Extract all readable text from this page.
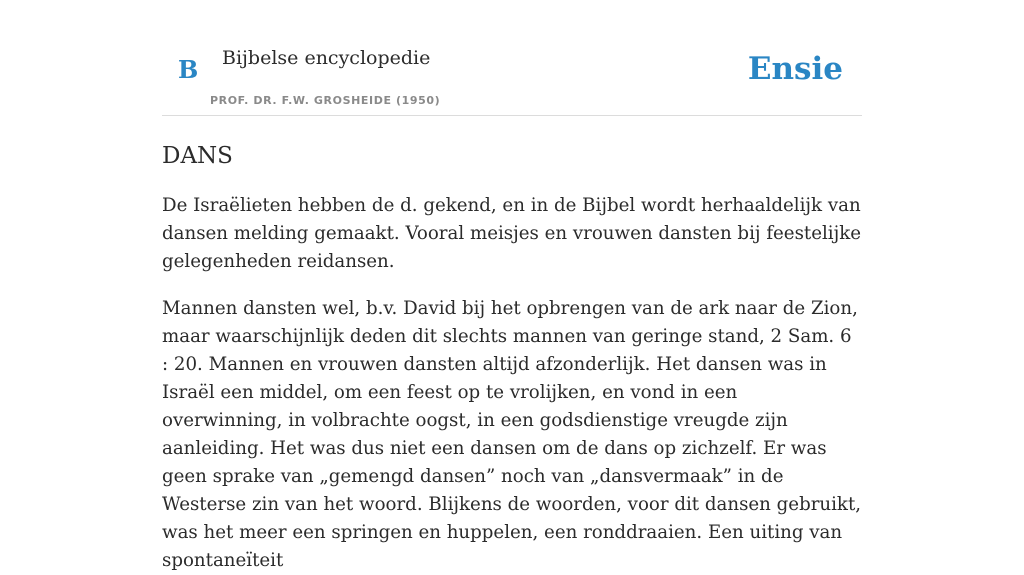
B Bijbelse encyclopedie
PROF. DR. F.W. GROSHEIDE (1950)
Ensie
DANS

De Israëlieten hebben de d. gekend, en in de Bijbel wordt herhaaldelijk van dansen melding gemaakt. Vooral meisjes en vrouwen dansten bij feestelijke gelegenheden reidansen.

Mannen dansten wel, b.v. David bij het opbrengen van de ark naar de Zion, maar waarschijnlijk deden dit slechts mannen van geringe stand, 2 Sam. 6 : 20. Mannen en vrouwen dansten altijd afzonderlijk. Het dansen was in Israël een middel, om een feest op te vrolijken, en vond in een overwinning, in volbrachte oogst, in een godsdienstige vreugde zijn aanleiding. Het was dus niet een dansen om de dans op zichzelf. Er was geen sprake van „gemengd dansen” noch van „dansvermaak” in de Westerse zin van het woord. Blijkens de woorden, voor dit dansen gebruikt, was het meer een springen en huppelen, een ronddraaien. Een uiting van spontaneïteit
